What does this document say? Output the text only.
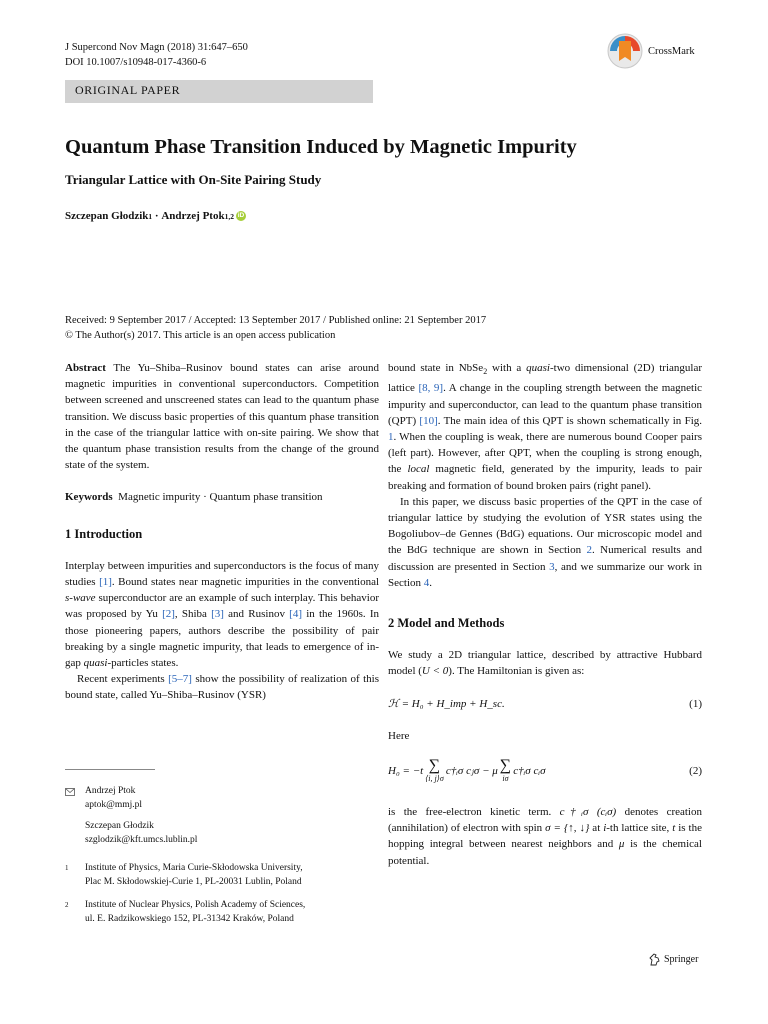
J Supercond Nov Magn (2018) 31:647–650
DOI 10.1007/s10948-017-4360-6
CrossMark
ORIGINAL PAPER
Quantum Phase Transition Induced by Magnetic Impurity
Triangular Lattice with On-Site Pairing Study
Szczepan Głodzik 1 · Andrzej Ptok 1,2 iD
Received: 9 September 2017 / Accepted: 13 September 2017 / Published online: 21 September 2017
© The Author(s) 2017. This article is an open access publication

Abstract The Yu–Shiba–Rusinov bound states can arise around magnetic impurities in conventional superconductors. Competition between screened and unscreened states can lead to the quantum phase transition. We discuss basic properties of this quantum phase transition in the case of the triangular lattice with on-site pairing. We show that the quantum phase transistion results from the change of the ground state of the system.

Keywords  Magnetic impurity · Quantum phase transition

1 Introduction

Interplay between impurities and superconductors is the focus of many studies [1]. Bound states near magnetic impurities in the conventional s-wave superconductor are an example of such interplay. This behavior was proposed by Yu [2], Shiba [3] and Rusinov [4] in the 1960s. In those pioneering papers, authors describe the possibility of pair breaking by a single magnetic impurity, that leads to emergence of in-gap quasi-particles states.

Recent experiments [5–7] show the possibility of realization of this bound state, called Yu–Shiba–Rusinov (YSR)

bound state in NbSe$_2$ with a quasi-two dimensional (2D) triangular lattice [8, 9]. A change in the coupling strength between the magnetic impurity and superconductor, can lead to the quantum phase transition (QPT) [10]. The main idea of this QPT is shown schematically in Fig. 1. When the coupling is weak, there are numerous bound Cooper pairs (left part). However, after QPT, when the coupling is strong enough, the local magnetic field, generated by the impurity, leads to pair breaking and formation of bound broken pairs (right panel).

In this paper, we discuss basic properties of the QPT in the case of triangular lattice by studying the evolution of YSR states using the Bogoliubov–de Gennes (BdG) equations. Our microscopic model and the BdG technique are shown in Section 2. Numerical results and discussion are presented in Section 3, and we summarize our work in Section 4.

2 Model and Methods

We study a 2D triangular lattice, described by attractive Hubbard model (U < 0). The Hamiltonian is given as:

ℋ = H₀ + H_imp + H_sc.	(1)

Here

H₀ = −t ∑
⟨i, j⟩σ
c†ᵢσ cⱼσ − μ ∑
iσ
c†ᵢσ cᵢσ	(2)

is the free-electron kinetic term. c†ᵢσ (cᵢσ) denotes creation (annihilation) of electron with spin σ = {↑, ↓} at i-th lattice site, t is the hopping integral between nearest neighbors and μ is the chemical potential.

Andrzej Ptok
aptok@mmj.pl
Szczepan Głodzik
szglodzik@kft.umcs.lublin.pl
1 Institute of Physics, Maria Curie-Skłodowska University,
Plac M. Skłodowskiej-Curie 1, PL-20031 Lublin, Poland
2 Institute of Nuclear Physics, Polish Academy of Sciences,
ul. E. Radzikowskiego 152, PL-31342 Kraków, Poland
Springer
